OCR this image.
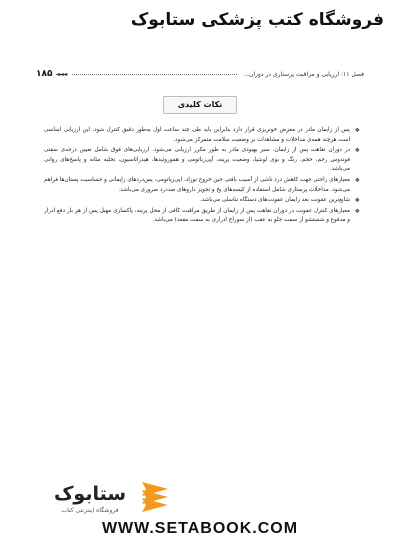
فروشگاه کتب پزشکی ستابوک
فصل ۱۱: ارزیابی و مراقبت پرستاری در دوران...
◄◄◄
۱۸۵
نکات کلیدی
❖
پس از زایمان مادر در معرض خونریزی قرار دارد بنابراین باید طی چند ساعت اول به‌طور دقیق کنترل شود. این ارزیابی اساسی است هرچند همه‌ی مداخلات و مشاهدات بر وضعیت سلامت متمرکز می‌شود.
❖
در دوران نقاهت پس از زایمان، سیر بهبودی مادر به طور مکرر ارزیابی می‌شود. ارزیابی‌های فوق شامل تعیین درجه‌ی سفتی فوندوس رحم، حجم، رنگ و بوی لوشیا، وضعیت پرینه، آپی‌زیاتومی و هموروئیدها، هیدراتاسیون، تخلیه مثانه و پاسخ‌های روانی می‌باشد.
❖
معیارهای راحتی جهت کاهش درد ناشی از آسیب بافتی حین خروج نوزاد، اپی‌زیاتومی، پس‌دردهای زایمانی و حساسیت پستان‌ها فراهم می‌شود. مداخلات پرستاری شامل استفاده از کیسه‌های یخ و تجویز داروهای ضددرد ضروری می‌باشد.
❖
شایع‌ترین عفونت بعد زایمان عفونت‌های دستگاه تناسلی می‌باشد.
❖
معیارهای کنترل عفونت در دوران نقاهت پس از زایمان از طریق مراقبت کافی از محل پرینه، پاکسازی مهبل پس از هر بار دفع ادرار و مدفوع و شستشو از سمت جلو به عقب (از سوراخ ادراری به سمت مقعد) می‌باشد.
ستابوک
فروشگاه اینترنتی کتاب
WWW.SETABOOK.COM
